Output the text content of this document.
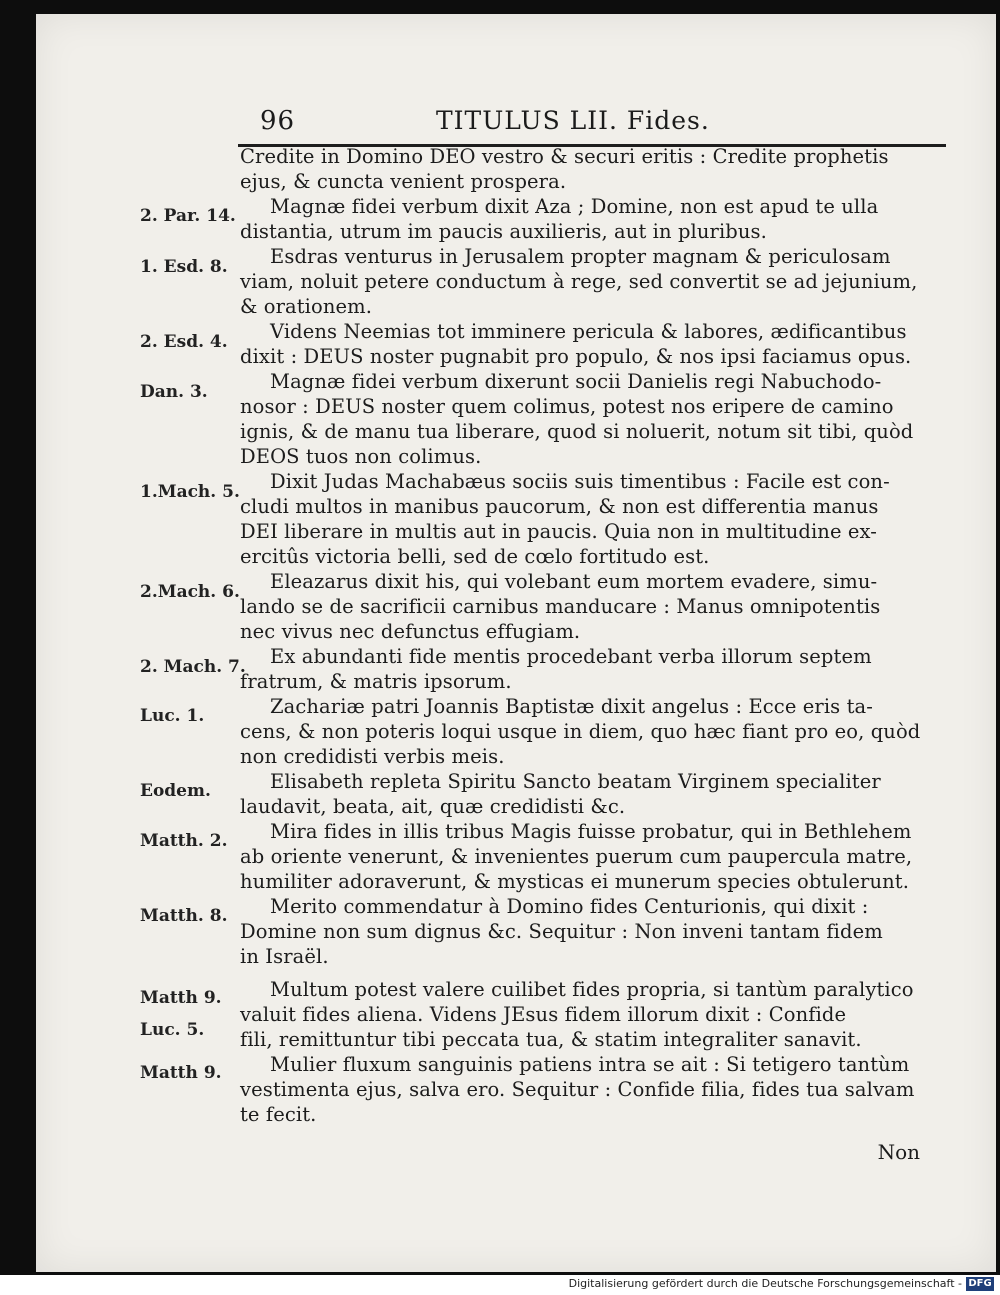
96	TITULUS LII. Fides.
2. Par. 14.
1. Esd. 8.
2. Esd. 4.
Dan. 3.
1.Mach. 5.
2.Mach. 6.
2. Mach. 7.
Luc. 1.
Eodem.
Matth. 2.
Matth. 8.
Matth 9.
Luc. 5.
Matth 9.
Credite in Domino DEO vestro & securi eritis : Credite prophetis
ejus, & cuncta venient prospera.
Magnæ fidei verbum dixit Aza ; Domine, non est apud te ulla
distantia, utrum im paucis auxilieris, aut in pluribus.
Esdras venturus in Jerusalem propter magnam & periculosam
viam, noluit petere conductum à rege, sed convertit se ad jejunium,
& orationem.
Videns Neemias tot imminere pericula & labores, ædificantibus
dixit : DEUS noster pugnabit pro populo, & nos ipsi faciamus opus.
Magnæ fidei verbum dixerunt socii Danielis regi Nabuchodo-
nosor : DEUS noster quem colimus, potest nos eripere de camino
ignis, & de manu tua liberare, quod si noluerit, notum sit tibi, quòd
DEOS tuos non colimus.
Dixit Judas Machabæus sociis suis timentibus : Facile est con-
cludi multos in manibus paucorum, & non est differentia manus
DEI liberare in multis aut in paucis. Quia non in multitudine ex-
ercitûs victoria belli, sed de cœlo fortitudo est.
Eleazarus dixit his, qui volebant eum mortem evadere, simu-
lando se de sacrificii carnibus manducare : Manus omnipotentis
nec vivus nec defunctus effugiam.
Ex abundanti fide mentis procedebant verba illorum septem
fratrum, & matris ipsorum.
Zachariæ patri Joannis Baptistæ dixit angelus : Ecce eris ta-
cens, & non poteris loqui usque in diem, quo hæc fiant pro eo, quòd
non credidisti verbis meis.
Elisabeth repleta Spiritu Sancto beatam Virginem specialiter
laudavit, beata, ait, quæ credidisti &c.
Mira fides in illis tribus Magis fuisse probatur, qui in Bethlehem
ab oriente venerunt, & invenientes puerum cum paupercula matre,
humiliter adoraverunt, & mysticas ei munerum species obtulerunt.
Merito commendatur à Domino fides Centurionis, qui dixit :
Domine non sum dignus &c. Sequitur : Non inveni tantam fidem
in Israël.
Multum potest valere cuilibet fides propria, si tantùm paralytico
valuit fides aliena. Videns JEsus fidem illorum dixit : Confide
fili, remittuntur tibi peccata tua, & statim integraliter sanavit.
Mulier fluxum sanguinis patiens intra se ait : Si tetigero tantùm
vestimenta ejus, salva ero. Sequitur : Confide filia, fides tua salvam
te fecit.
Non
Digitalisierung gefördert durch die Deutsche Forschungsgemeinschaft - DFG
